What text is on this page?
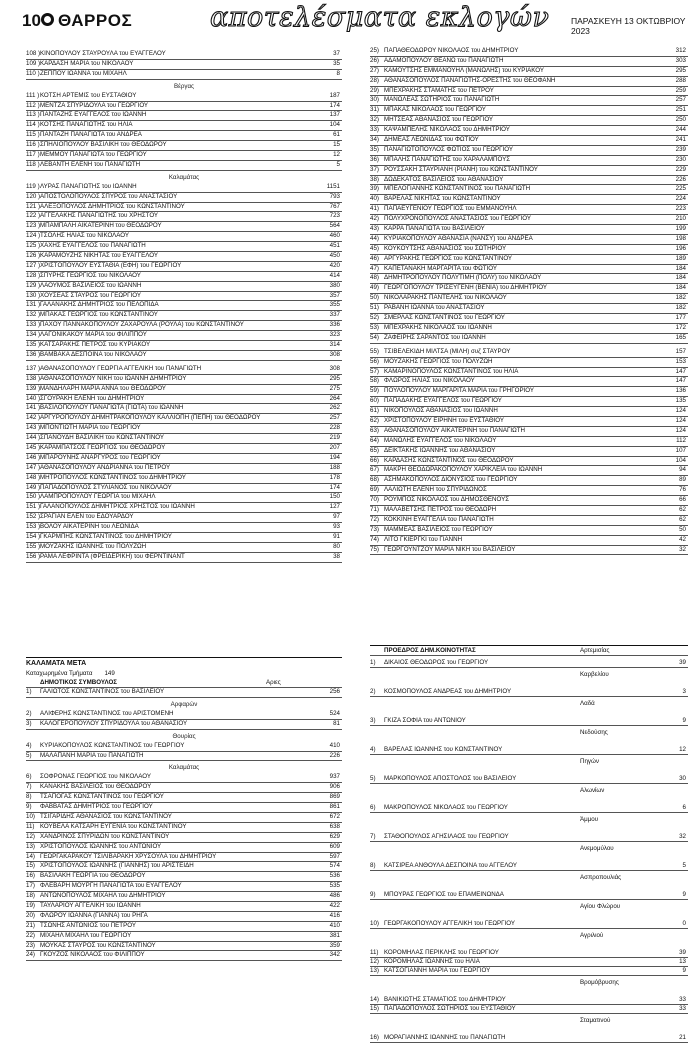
10 ΘΑΡΡΟΣ	αποτελέσματα εκλογών	ΠΑΡΑΣΚΕΥΗ 13 ΟΚΤΩΒΡΙΟΥ 2023
108 ) ΚΙΝΟΠΟΥΛΟΥ ΣΤΑΥΡΟΥΛΑ του ΕΥΑΓΓΕΛΟΥ	37
109 ) ΚΑΡΔΑΣΗ ΜΑΡΙΑ του ΝΙΚΟΛΑΟΥ	35
110 ) ΖΕΠΠΟΥ ΙΩΑΝΝΑ του ΜΙΧΑΗΛ	8
Βέργας
111 ) ΚΟΤΣΗ ΑΡΤΕΜΙΣ του ΕΥΣΤΑΘΙΟΥ	187
112 ) ΜΕΝΤΖΑ ΣΠΥΡΙΔΟΥΛΑ του ΓΕΩΡΓΙΟΥ	174
113 ) ΠΑΝΤΑΖΗΣ ΕΥΑΓΓΕΛΟΣ του ΙΩΑΝΝΗ	137
114 ) ΚΟΤΣΗΣ ΠΑΝΑΓΙΩΤΗΣ του ΗΛΙΑ	104
115 ) ΠΑΝΤΑΖΗ ΠΑΝΑΓΙΩΤΑ του ΑΝΔΡΕΑ	61
116 ) ΣΠΗΛΙΟΠΟΥΛΟΥ ΒΑΣΙΛΙΚΗ του ΘΕΟΔΩΡΟΥ	15
117 ) ΜΕΜΜΟΥ ΠΑΝΑΓΙΩΤΑ του ΓΕΩΡΓΙΟΥ	12
118 ) ΛΕΒΑΝΤΗ ΕΛΕΝΗ του ΠΑΝΑΓΙΩΤΗ	5
Καλαμάτας
119 ) ΛΥΡΑΣ ΠΑΝΑΓΙΩΤΗΣ του ΙΩΑΝΝΗ	1151
120 ) ΑΠΟΣΤΟΛΟΠΟΥΛΟΣ ΣΠΥΡΟΣ του ΑΝΑΣΤΑΣΙΟΥ	793
121 ) ΑΛΕΞΟΠΟΥΛΟΣ ΔΗΜΗΤΡΙΟΣ του ΚΩΝΣΤΑΝΤΙΝΟΥ	767
122 ) ΑΓΓΕΛΑΚΗΣ ΠΑΝΑΓΙΩΤΗΣ του ΧΡΗΣΤΟΥ	723
123 ) ΜΠΑΜΠΑΛΗ ΑΙΚΑΤΕΡΙΝΗ του ΘΕΟΔΩΡΟΥ	564
124 ) ΤΣΟΛΗΣ ΗΛΙΑΣ του ΝΙΚΟΛΑΟΥ	460
125 ) ΧΑΧΗΣ ΕΥΑΓΓΕΛΟΣ του ΠΑΝΑΓΙΩΤΗ	451
126 ) ΚΑΡΑΜΟΥΖΗΣ ΝΙΚΗΤΑΣ του ΕΥΑΓΓΕΛΟΥ	450
127 ) ΧΡΙΣΤΟΠΟΥΛΟΥ ΕΥΣΤΑΘΙΑ (ΕΦΗ) του ΓΕΩΡΓΙΟΥ	420
128 ) ΣΠΥΡΗΣ ΓΕΩΡΓΙΟΣ του ΝΙΚΟΛΑΟΥ	414
129 ) ΛΑΟΥΜΟΣ ΒΑΣΙΛΕΙΟΣ του ΙΩΑΝΝΗ	380
130 ) ΧΟΥΣΕΑΣ ΣΤΑΥΡΟΣ του ΓΕΩΡΓΙΟΥ	357
131 ) ΓΑΛΑΝΑΚΗΣ ΔΗΜΗΤΡΙΟΣ του ΠΕΛΟΠΙΔΑ	355
132 ) ΜΠΑΚΑΣ ΓΕΩΡΓΙΟΣ του ΚΩΝΣΤΑΝΤΙΝΟΥ	337
133 ) ΠΑΧΟΥ ΠΑΝΝΑΚΟΠΟΥΛΟΥ ΖΑΧΑΡΟΥΛΑ (ΡΟΥΛΑ) του ΚΩΝΣΤΑΝΤΙΝΟΥ	336
134 ) ΛΑΓΟΝΙΚΑΚΟΥ ΜΑΡΙΑ του ΦΙΛΙΠΠΟΥ	323
135 ) ΚΑΤΣΑΡΑΚΗΣ ΠΕΤΡΟΣ του ΚΥΡΙΑΚΟΥ	314
136 ) ΒΑΜΒΑΚΑ ΔΕΣΠΟΙΝΑ του ΝΙΚΟΛΑΟΥ	308
137 ) ΑΘΑΝΑΣΟΠΟΥΛΟΥ ΓΕΩΡΓΙΑ ΑΓΓΕΛΙΚΗ του ΠΑΝΑΓΙΩΤΗ	308
138 ) ΑΘΑΝΑΣΟΠΟΥΛΟΥ ΝΙΚΗ του ΙΩΑΝΝΗ ΔΗΜΗΤΡΙΟΥ	295
139 ) ΜΑΝΔΗΛΑΡΗ ΜΑΡΙΑ ΑΝΝΑ του ΘΕΟΔΩΡΟΥ	275
140 ) ΣΓΟΥΡΑΚΗ ΕΛΕΝΗ του ΔΗΜΗΤΡΙΟΥ	264
141 ) ΒΑΣΙΛΟΠΟΥΛΟΥ ΠΑΝΑΓΙΩΤΑ (ΓΙΩΤΑ) του ΙΩΑΝΝΗ	262
142 ) ΑΡΓΥΡΟΠΟΥΛΟΥ ΔΗΜΗΤΡΑΚΟΠΟΥΛΟΥ ΚΑΛΛΙΟΠΗ (ΠΕΠΗ) του ΘΕΟΔΩΡΟΥ	257
143 ) ΜΠΟΝΤΙΩΤΗ ΜΑΡΙΑ του ΓΕΩΡΓΙΟΥ	228
144 ) ΣΠΑΝΟΥΔΗ ΒΑΣΙΛΙΚΗ του ΚΩΝΣΤΑΝΤΙΝΟΥ	219
145 ) ΚΑΡΑΜΠΑΤΣΟΣ ΓΕΩΡΓΙΟΣ του ΘΕΟΔΩΡΟΥ	207
146 ) ΜΠΑΡΟΥΝΗΣ ΑΝΑΡΓΥΡΟΣ του ΓΕΩΡΓΙΟΥ	194
147 ) ΑΘΑΝΑΣΟΠΟΥΛΟΥ ΑΝΔΡΙΑΝΝΑ του ΠΕΤΡΟΥ	188
148 ) ΜΗΤΡΟΠΟΥΛΟΣ ΚΩΝΣΤΑΝΤΙΝΟΣ του ΔΗΜΗΤΡΙΟΥ	178
149 ) ΠΑΠΑΔΟΠΟΥΛΟΣ ΣΤΥΛΙΑΝΟΣ του ΝΙΚΟΛΑΟΥ	174
150 ) ΛΑΜΠΡΟΠΟΥΛΟΥ ΓΕΩΡΓΙΑ του ΜΙΧΑΗΛ	150
151 ) ΓΑΛΑΝΟΠΟΥΛΟΣ ΔΗΜΗΤΡΙΟΣ ΧΡΗΣΤΟΣ του ΙΩΑΝΝΗ	127
152 ) ΣΡΑΓΙΑΝ ΕΛΕΝ του ΕΔΟΥΑΡΔΟΥ	97
153 ) ΒΟΛΟΥ ΑΙΚΑΤΕΡΙΝΗ του ΛΕΩΝΙΔΑ	93
154 ) ΓΚΑΡΜΠΗΣ ΚΩΝΣΤΑΝΤΙΝΟΣ του ΔΗΜΗΤΡΙΟΥ	91
155 ) ΜΟΥΖΑΚΗΣ ΙΩΑΝΝΗΣ του ΠΟΛΥΖΩΗ	80
156 ) ΡΑΜΑ ΛΕΦΡΙΝΤΑ (ΦΡΕΙΔΕΡΙΚΗ) του ΦΕΡΝΤΙΝΑΝΤ	38
ΚΑΛΑΜΑΤΑ ΜΕΤΑ
Καταχωρημένα Τμήματα 149
ΔΗΜΟΤΙΚΟΣ ΣΥΜΒΟΥΛΟΣ	Αριες
1) ΓΑΛΙΩΤΟΣ ΚΩΝΣΤΑΝΤΙΝΟΣ του ΒΑΣΙΛΕΙΟΥ	256
Αρφαρών
2) ΑΛΙΦΕΡΗΣ ΚΩΝΣΤΑΝΤΙΝΟΣ του ΑΡΙΣΤΟΜΕΝΗ	524
3) ΚΑΛΟΓΕΡΟΠΟΥΛΟΥ ΣΠΥΡΙΔΟΥΛΑ του ΑΘΑΝΑΣΙΟΥ	81
Θουρίας
4) ΚΥΡΙΑΚΟΠΟΥΛΟΣ ΚΩΝΣΤΑΝΤΙΝΟΣ του ΓΕΩΡΓΙΟΥ	410
5) ΜΑΛΑΠΑΝΗ ΜΑΡΙΑ του ΠΑΝΑΓΙΩΤΗ	226
Καλαμάτας
6) ΣΟΦΡΟΝΑΣ ΓΕΩΡΓΙΟΣ του ΝΙΚΟΛΑΟΥ	937
7) ΚΑΝΑΚΗΣ ΒΑΣΙΛΕΙΟΣ του ΘΕΟΔΩΡΟΥ	906
8) ΤΣΑΠΟΓΑΣ ΚΩΝΣΤΑΝΤΙΝΟΣ του ΓΕΩΡΓΙΟΥ	869
9) ΦΑΒΒΑΤΑΣ ΔΗΜΗΤΡΙΟΣ του ΓΕΩΡΓΙΟΥ	861
10) ΤΣΙΓΑΡΙΔΗΣ ΑΘΑΝΑΣΙΟΣ του ΚΩΝΣΤΑΝΤΙΝΟΥ	672
11) ΚΟΥΒΕΛΑ ΚΑΤΣΑΡΗ ΕΥΓΕΝΙΑ του ΚΩΝΣΤΑΝΤΙΝΟΥ	638
12) ΧΑΝΔΡΙΝΟΣ ΣΠΥΡΙΔΩΝ του ΚΩΝΣΤΑΝΤΙΝΟΥ	629
13) ΧΡΙΣΤΟΠΟΥΛΟΣ ΙΩΑΝΝΗΣ του ΑΝΤΩΝΙΟΥ	609
14) ΓΕΩΡΓΑΚΑΡΑΚΟΥ ΤΣΙΛΙΒΑΡΑΚΗ ΧΡΥΣΟΥΛΑ του ΔΗΜΗΤΡΙΟΥ	597
15) ΧΡΙΣΤΟΠΟΥΛΟΣ ΙΩΑΝΝΗΣ (ΓΙΑΝΝΗΣ) του ΑΡΙΣΤΕΙΔΗ	574
16) ΒΑΣΙΛΑΚΗ ΓΕΩΡΓΙΑ του ΘΕΟΔΩΡΟΥ	536
17) ΦΛΕΒΑΡΗ ΜΟΥΡΓΗ ΠΑΝΑΓΙΩΤΑ του ΕΥΑΓΓΕΛΟΥ	535
18) ΑΝΤΩΝΟΠΟΥΛΟΣ ΜΙΧΑΗΛ του ΔΗΜΗΤΡΙΟΥ	486
19) ΤΑΥΛΑΡΙΟΥ ΑΓΓΕΛΙΚΗ του ΙΩΑΝΝΗ	422
20) ΦΛΩΡΟΥ ΙΩΑΝΝΑ (ΓΙΑΝΝΑ) του ΡΗΓΑ	416
21) ΤΣΩΝΗΣ ΑΝΤΩΝΙΟΣ του ΠΕΤΡΟΥ	410
22) ΜΙΧΑΗΛ ΜΙΧΑΗΛ του ΓΕΩΡΓΙΟΥ	381
23) ΜΟΥΚΑΣ ΣΤΑΥΡΟΣ του ΚΩΝΣΤΑΝΤΙΝΟΥ	359
24) ΓΚΟΥΖΟΣ ΝΙΚΟΛΑΟΣ του ΦΙΛΙΠΠΟΥ	342
25) ΠΑΠΑΘΕΟΔΩΡΟΥ ΝΙΚΟΛΑΟΣ του ΔΗΜΗΤΡΙΟΥ	312
26) ΑΔΑΜΟΠΟΥΛΟΥ ΘΕΑΝΩ του ΠΑΝΑΓΙΩΤΗ	303
27) ΚΑΜΟΥΤΣΗΣ ΕΜΜΑΝΟΥΗΛ (ΜΑΝΩΛΗΣ) του ΚΥΡΙΑΚΟΥ	295
28) ΑΘΑΝΑΣΟΠΟΥΛΟΣ ΠΑΝΑΓΙΩΤΗΣ-ΟΡΕΣΤΗΣ του ΘΕΟΦΑΝΗ	288
29) ΜΠΕΧΡΑΚΗΣ ΣΤΑΜΑΤΗΣ του ΠΕΤΡΟΥ	259
30) ΜΑΝΩΛΕΑΣ ΣΩΤΗΡΙΟΣ του ΠΑΝΑΓΙΩΤΗ	257
31) ΜΠΑΚΑΣ ΝΙΚΟΛΑΟΣ του ΓΕΩΡΓΙΟΥ	251
32) ΜΗΤΣΕΑΣ ΑΘΑΝΑΣΙΟΣ του ΓΕΩΡΓΙΟΥ	250
33) ΚΑΨΑΜΠΕΛΗΣ ΝΙΚΟΛΑΟΣ του ΔΗΜΗΤΡΙΟΥ	244
34) ΔΗΜΕΑΣ ΛΕΩΝΙΔΑΣ του ΦΩΤΙΟΥ	241
35) ΠΑΝΑΓΙΩΤΟΠΟΥΛΟΣ ΦΩΤΙΟΣ του ΓΕΩΡΓΙΟΥ	239
36) ΜΠΑΛΗΣ ΠΑΝΑΓΙΩΤΗΣ του ΧΑΡΑΛΑΜΠΟΥΣ	230
37) ΡΟΥΣΣΑΚΗ ΣΤΑΥΡΙΑΝΗ (ΡΙΑΝΗ) του ΚΩΝΣΤΑΝΤΙΝΟΥ	229
38) ΔΩΔΕΚΑΤΟΣ ΒΑΣΙΛΕΙΟΣ του ΑΘΑΝΑΣΙΟΥ	226
39) ΜΠΕΛΟΓΙΑΝΝΗΣ ΚΩΝΣΤΑΝΤΙΝΟΣ του ΠΑΝΑΓΙΩΤΗ	225
40) ΒΑΡΕΛΑΣ ΝΙΚΗΤΑΣ του ΚΩΝΣΤΑΝΤΙΝΟΥ	224
41) ΠΑΠΑΕΥΓΕΝΙΟΥ ΓΕΩΡΓΙΟΣ του ΕΜΜΑΝΟΥΗΛ	223
42) ΠΟΛΥΧΡΟΝΟΠΟΥΛΟΣ ΑΝΑΣΤΑΣΙΟΣ του ΓΕΩΡΓΙΟΥ	210
43) ΚΑΡΡΑ ΠΑΝΑΓΙΩΤΑ του ΒΑΣΙΛΕΙΟΥ	199
44) ΚΥΡΙΑΚΟΠΟΥΛΟΥ ΑΘΑΝΑΣΙΑ (ΝΑΝΣΥ) του ΑΝΔΡΕΑ	198
45) ΚΟΥΚΟΥΤΣΗΣ ΑΘΑΝΑΣΙΟΣ του ΣΩΤΗΡΙΟΥ	196
46) ΑΡΓΥΡΑΚΗΣ ΓΕΩΡΓΙΟΣ του ΚΩΝΣΤΑΝΤΙΝΟΥ	189
47) ΚΑΠΕΤΑΝΑΚΗ ΜΑΡΓΑΡΙΤΑ του ΦΩΤΙΟΥ	184
48) ΔΗΜΗΤΡΟΠΟΥΛΟΥ ΠΟΛΥΤΙΜΗ (ΠΟΛΥ) του ΝΙΚΟΛΑΟΥ	184
49) ΓΕΩΡΓΟΠΟΥΛΟΥ ΤΡΙΣΕΥΓΕΝΗ (ΒΕΝΙΑ) του ΔΗΜΗΤΡΙΟΥ	184
50) ΝΙΚΟΛΑΡΑΚΗΣ ΠΑΝΤΕΛΗΣ του ΝΙΚΟΛΑΟΥ	182
51) ΡΑΒΑΝΗ ΙΩΑΝΝΑ του ΑΝΑΣΤΑΣΙΟΥ	182
52) ΣΜΕΡΛΑΣ ΚΩΝΣΤΑΝΤΙΝΟΣ του ΓΕΩΡΓΙΟΥ	177
53) ΜΠΕΧΡΑΚΗΣ ΝΙΚΟΛΑΟΣ του ΙΩΑΝΝΗ	172
54) ΖΑΦΕΙΡΗΣ ΣΑΡΑΝΤΟΣ του ΙΩΑΝΝΗ	165
55) ΤΣΙΒΕΛΕΚΙΔΗ ΜΙΛΤΣΑ (ΜΙΛΗ) συζ ΣΤΑΥΡΟΥ	157
56) ΜΟΥΖΑΚΗΣ ΓΕΩΡΓΙΟΣ του ΠΟΛΥΖΩΗ	153
57) ΚΑΜΑΡΙΝΟΠΟΥΛΟΣ ΚΩΝΣΤΑΝΤΙΝΟΣ του ΗΛΙΑ	147
58) ΦΛΩΡΟΣ ΗΛΙΑΣ του ΝΙΚΟΛΑΟΥ	147
59) ΠΟΥΛΟΠΟΥΛΟΥ ΜΑΡΓΑΡΙΤΑ ΜΑΡΙΑ του ΓΡΗΓΟΡΙΟΥ	136
60) ΠΑΠΑΔΑΚΗΣ ΕΥΑΓΓΕΛΟΣ του ΓΕΩΡΓΙΟΥ	135
61) ΝΙΚΟΠΟΥΛΟΣ ΑΘΑΝΑΣΙΟΣ του ΙΩΑΝΝΗ	124
62) ΧΡΙΣΤΟΠΟΥΛΟΥ ΕΙΡΗΝΗ του ΕΥΣΤΑΘΙΟΥ	124
63) ΑΘΑΝΑΣΟΠΟΥΛΟΥ ΑΙΚΑΤΕΡΙΝΗ του ΠΑΝΑΓΙΩΤΗ	124
64) ΜΑΝΩΛΗΣ ΕΥΑΓΓΕΛΟΣ του ΝΙΚΟΛΑΟΥ	112
65) ΔΕΙΚΤΑΚΗΣ ΙΩΑΝΝΗΣ του ΑΘΑΝΑΣΙΟΥ	107
66) ΚΑΡΔΑΣΗΣ ΚΩΝΣΤΑΝΤΙΝΟΣ του ΘΕΟΔΩΡΟΥ	104
67) ΜΑΚΡΗ ΘΕΟΔΩΡΑΚΟΠΟΥΛΟΥ ΧΑΡΙΚΛΕΙΑ του ΙΩΑΝΝΗ	94
68) ΑΣΗΜΑΚΟΠΟΥΛΟΣ ΔΙΟΝΥΣΙΟΣ του ΓΕΩΡΓΙΟΥ	89
69) ΛΑΛΙΩΤΗ ΕΛΕΝΗ του ΣΠΥΡΙΔΩΝΟΣ	76
70) ΡΟΥΜΠΟΣ ΝΙΚΟΛΑΟΣ του ΔΗΜΟΣΘΕΝΟΥΣ	66
71) ΜΑΛΑΒΕΤΣΗΣ ΠΕΤΡΟΣ του ΘΕΟΔΩΡΗ	62
72) ΚΟΚΚΙΝΗ ΕΥΑΓΓΕΛΙΑ του ΠΑΝΑΓΙΩΤΗ	62
73) ΜΑΜΜΕΑΣ ΒΑΣΙΛΕΙΟΣ του ΓΕΩΡΓΙΟΥ	50
74) ΛΙΤΟ ΓΚΙΕΡΓΚΙ του ΓΙΑΝΝΗ	42
75) ΓΕΩΡΓΟΥΝΤΖΟΥ ΜΑΡΙΑ ΝΙΚΗ του ΒΑΣΙΛΕΙΟΥ	32
ΠΡΟΕΔΡΟΣ ΔΗΜ.ΚΟΙΝΟΤΗΤΑΣ	Αρτεμισίας
1) ΔΙΚΑΙΟΣ ΘΕΟΔΩΡΟΣ του ΓΕΩΡΓΙΟΥ	39
Καρβελίου
2) ΚΟΣΜΟΠΟΥΛΟΣ ΑΝΔΡΕΑΣ του ΔΗΜΗΤΡΙΟΥ	3
Λαδά
3) ΓΚΙΖΑ ΣΟΦΙΑ του ΑΝΤΩΝΙΟΥ	9
Νεδούσης
4) ΒΑΡΕΛΑΣ ΙΩΑΝΝΗΣ του ΚΩΝΣΤΑΝΤΙΝΟΥ	12
Πηγών
5) ΜΑΡΚΟΠΟΥΛΟΣ ΑΠΟΣΤΟΛΟΣ του ΒΑΣΙΛΕΙΟΥ	30
Αλωνίων
6) ΜΑΚΡΟΠΟΥΛΟΣ ΝΙΚΟΛΑΟΣ του ΓΕΩΡΓΙΟΥ	6
Άμμου
7) ΣΤΑΘΟΠΟΥΛΟΣ ΑΓΗΣΙΛΑΟΣ του ΓΕΩΡΓΙΟΥ	32
Ανεμομύλου
8) ΚΑΤΣΙΡΕΑ ΑΝΘΟΥΛΑ ΔΕΣΠΟΙΝΑ του ΑΓΓΕΛΟΥ	5
Ασπροπουλιάς
9) ΜΠΟΥΡΑΣ ΓΕΩΡΓΙΟΣ του ΕΠΑΜΕΙΝΩΝΔΑ	9
Αγίου Φλώρου
10) ΓΕΩΡΓΑΚΟΠΟΥΛΟΥ ΑΓΓΕΛΙΚΗ του ΓΕΩΡΓΙΟΥ	0
Αγριλιού
11) ΚΟΡΟΜΗΛΑΣ ΠΕΡΙΚΛΗΣ του ΓΕΩΡΓΙΟΥ	39
12) ΚΟΡΟΜΗΛΑΣ ΙΩΑΝΝΗΣ του ΗΛΙΑ	13
13) ΚΑΤΣΟΓΙΑΝΝΗ ΜΑΡΙΑ του ΓΕΩΡΓΙΟΥ	9
Βρομόβρυσης
14) ΒΑΝΙΚΙΩΤΗΣ ΣΤΑΜΑΤΙΟΣ του ΔΗΜΗΤΡΙΟΥ	33
15) ΠΑΠΑΔΟΠΟΥΛΟΣ ΣΩΤΗΡΙΟΣ του ΕΥΣΤΑΘΙΟΥ	33
Σταματινού
16) ΜΟΡΑΓΙΑΝΝΗΣ ΙΩΑΝΝΗΣ του ΠΑΝΑΓΙΩΤΗ	21
